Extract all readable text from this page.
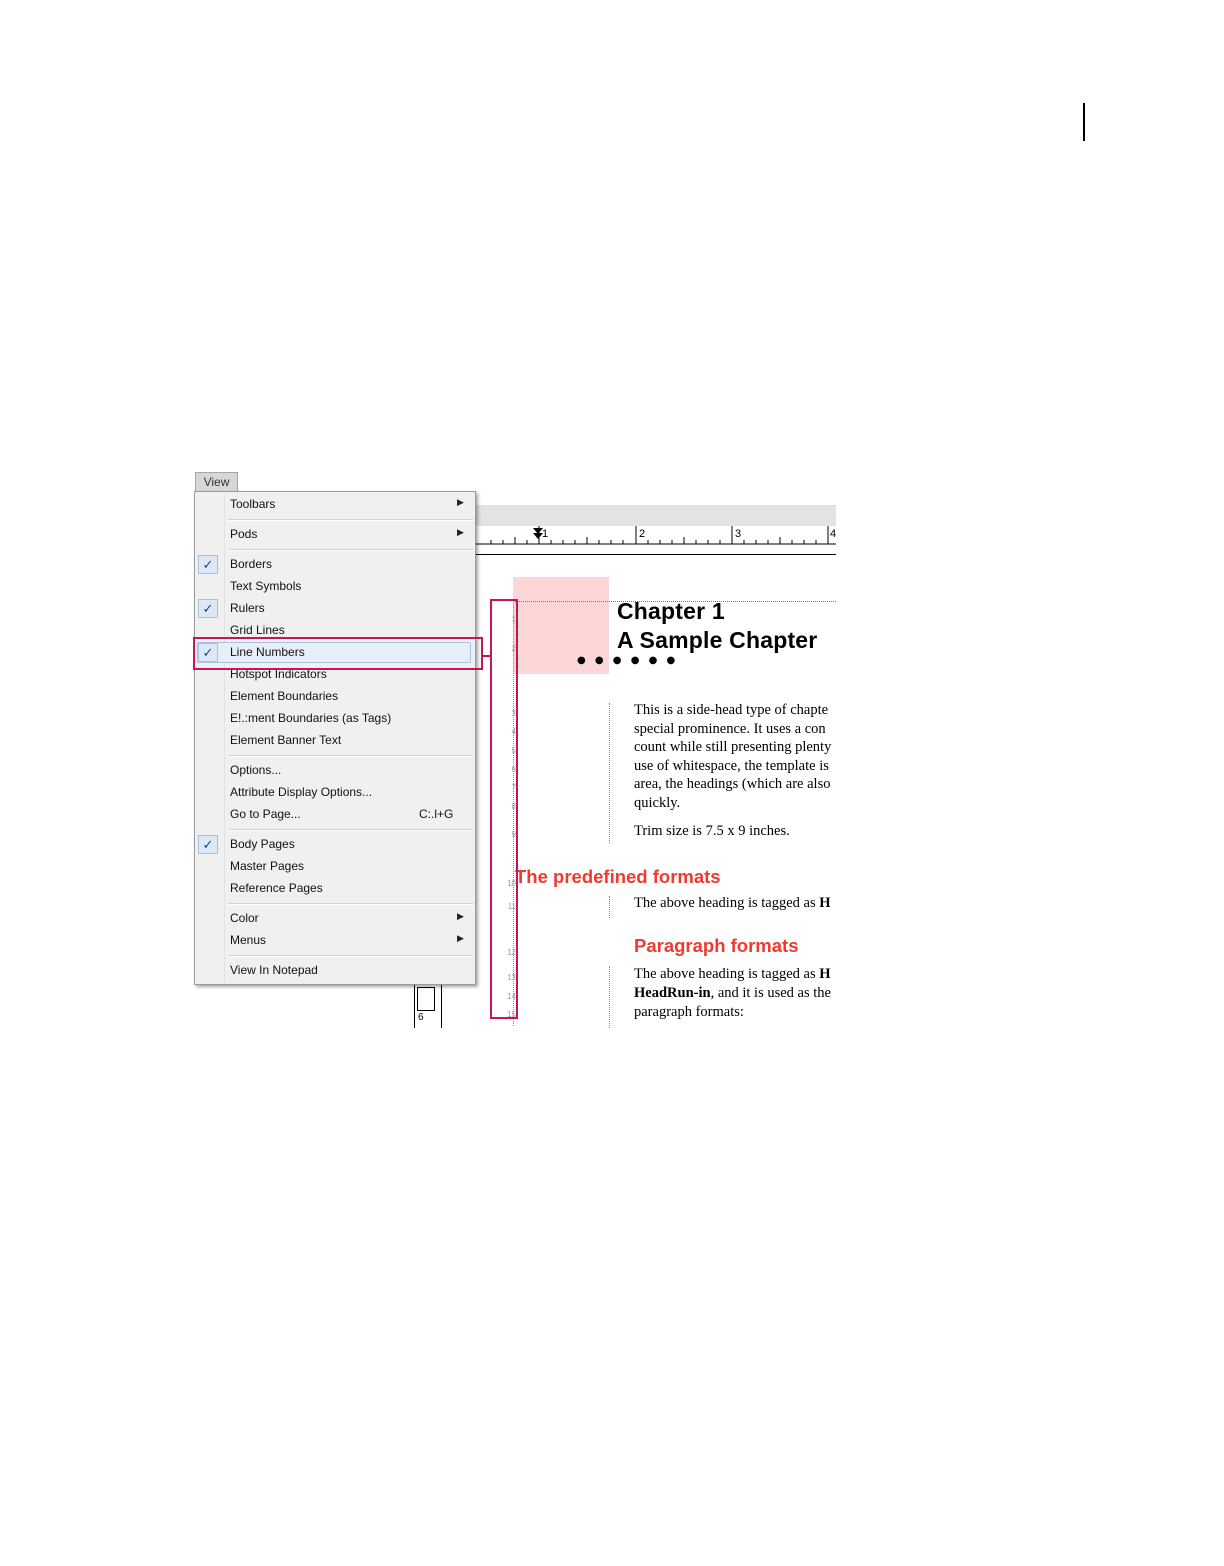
1	2	3	4
Chapter 1
A Sample Chapter
● ● ● ● ● ●
This is a side-head type of chapte
special prominence. It uses a con
count while still presenting plenty
use of whitespace, the template is
area, the headings (which are also
quickly.
Trim size is 7.5 x 9 inches.
The predefined formats
The above heading is tagged as H
Paragraph formats
The above heading is tagged as H
HeadRun-in, and it is used as the
paragraph formats:
6
1
2
3
4
5
6
7
8
9
10
11
12
13
14
15
View
Toolbars	▶
Pods	▶
✓	Borders
Text Symbols
✓	Rulers
Grid Lines
✓	Line Numbers
Hotspot Indicators
Element Boundaries
E!.:ment Boundaries (as Tags)
Element Banner Text
Options...
Attribute Display Options...
Go to Page...	C:.l+G
✓	Body Pages
Master Pages
Reference Pages
Color	▶
Menus	▶
View In Notepad
